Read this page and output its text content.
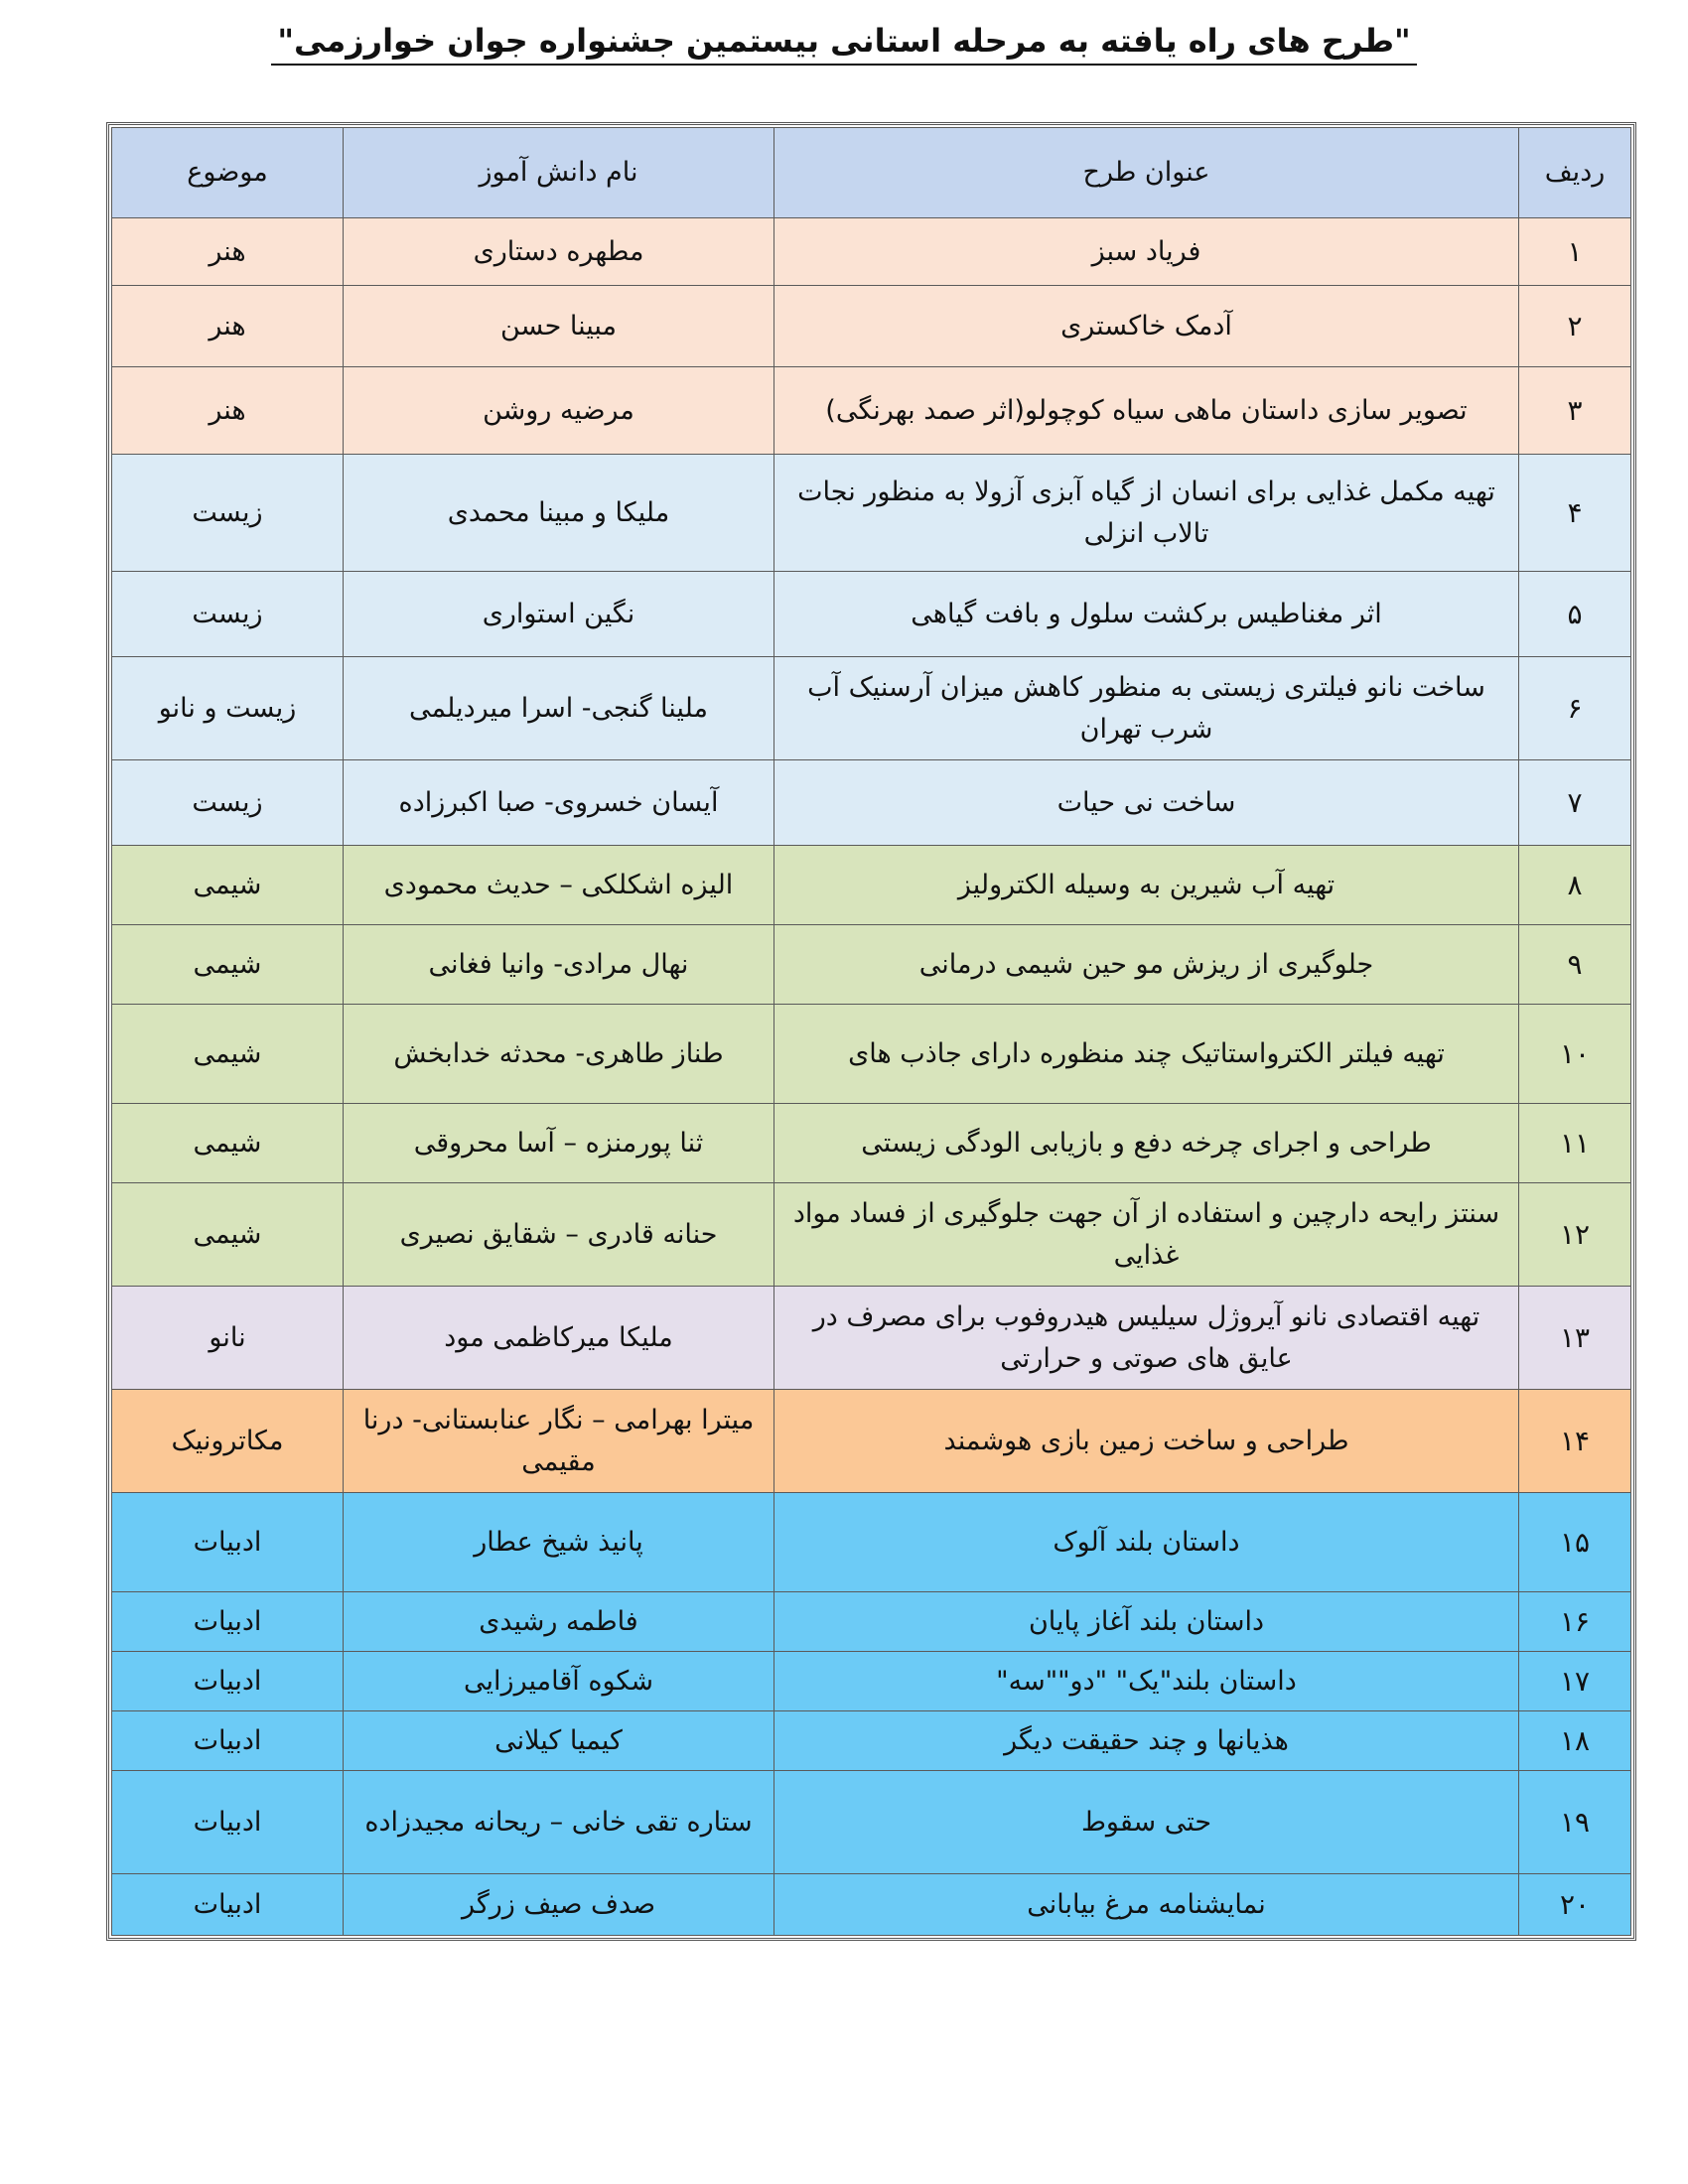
"طرح های راه یافته به مرحله استانی بیستمین جشنواره جوان خوارزمی"
ردیف	عنوان طرح	نام دانش آموز	موضوع
۱	فریاد سبز	مطهره دستاری	هنر
۲	آدمک خاکستری	مبینا حسن	هنر
۳	تصویر سازی داستان ماهی سیاه کوچولو(اثر صمد بهرنگی)	مرضیه روشن	هنر
۴	تهیه مکمل غذایی برای انسان از گیاه آبزی آزولا به منظور نجات تالاب انزلی	ملیکا و مبینا محمدی	زیست
۵	اثر مغناطیس برکشت سلول و بافت گیاهی	نگین استواری	زیست
۶	ساخت نانو فیلتری زیستی به منظور کاهش میزان آرسنیک آب شرب تهران	ملینا گنجی- اسرا میردیلمی	زیست و نانو
۷	ساخت نی حیات	آیسان خسروی- صبا اکبرزاده	زیست
۸	تهیه آب شیرین به وسیله الکترولیز	الیزه اشکلکی – حدیث محمودی	شیمی
۹	جلوگیری از ریزش مو حین شیمی درمانی	نهال مرادی- وانیا فغانی	شیمی
۱۰	تهیه فیلتر الکترواستاتیک چند منظوره دارای جاذب های	طناز طاهری- محدثه خدابخش	شیمی
۱۱	طراحی و اجرای چرخه دفع و بازیابی الودگی زیستی	ثنا پورمنزه – آسا محروقی	شیمی
۱۲	سنتز رایحه دارچین و استفاده از آن جهت جلوگیری از فساد مواد غذایی	حنانه قادری – شقایق نصیری	شیمی
۱۳	تهیه اقتصادی نانو آیروژل سیلیس هیدروفوب برای مصرف در عایق های صوتی و حرارتی	ملیکا میرکاظمی مود	نانو
۱۴	طراحی و ساخت زمین بازی هوشمند	میترا بهرامی – نگار عنابستانی- درنا مقیمی	مکاترونیک
۱۵	داستان بلند آلوک	پانیذ شیخ عطار	ادبیات
۱۶	داستان بلند آغاز پایان	فاطمه رشیدی	ادبیات
۱۷	داستان بلند"یک" "دو""سه"	شکوه آقامیرزایی	ادبیات
۱۸	هذیانها و چند حقیقت دیگر	کیمیا کیلانی	ادبیات
۱۹	حتی سقوط	ستاره تقی خانی – ریحانه مجیدزاده	ادبیات
۲۰	نمایشنامه مرغ بیابانی	صدف صیف زرگر	ادبیات
